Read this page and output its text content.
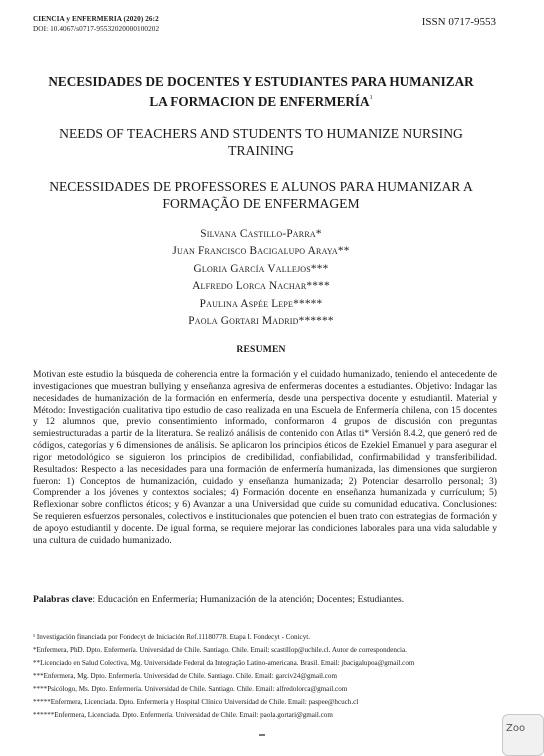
CIENCIA y ENFERMERIA (2020) 26:2
DOI: 10.4067/s0717-95532020000100202
ISSN 0717-9553
NECESIDADES DE DOCENTES Y ESTUDIANTES PARA HUMANIZAR
LA FORMACION DE ENFERMERÍA$^1$
NEEDS OF TEACHERS AND STUDENTS TO HUMANIZE NURSING TRAINING
NECESSIDADES DE PROFESSORES E ALUNOS PARA HUMANIZAR A FORMAÇÃO DE ENFERMAGEM
Silvana Castillo-Parra*
Juan Francisco Bacigalupo Araya**
Gloria García Vallejos***
Alfredo Lorca Nachar****
Paulina Aspée Lepe*****
Paola Gortari Madrid******
RESUMEN

Motivan este estudio la búsqueda de coherencia entre la formación y el cuidado humanizado, teniendo el antecedente de investigaciones que muestran bullying y enseñanza agresiva de enfermeras docentes a estudiantes. Objetivo: Indagar las necesidades de humanización de la formación en enfermería, desde una perspectiva docente y estudiantil. Material y Método: Investigación cualitativa tipo estudio de caso realizada en una Escuela de Enfermería chilena, con 15 docentes y 12 alumnos que, previo consentimiento informado, conformaron 4 grupos de discusión con preguntas semiestructuradas a partir de la literatura. Se realizó análisis de contenido con Atlas ti* Versión 8.4.2, que generó red de códigos, categorías y 6 dimensiones de análisis. Se aplicaron los principios éticos de Ezekiel Emanuel y para asegurar el rigor metodológico se siguieron los principios de credibilidad, confiabilidad, confirmabilidad y transferibilidad. Resultados: Respecto a las necesidades para una formación de enfermería humanizada, las dimensiones que surgieron fueron: 1) Conceptos de humanización, cuidado y enseñanza humanizada; 2) Potenciar desarrollo personal; 3) Comprender a los jóvenes y contextos sociales; 4) Formación docente en enseñanza humanizada y currículum; 5) Reflexionar sobre conflictos éticos; y 6) Avanzar a una Universidad que cuide su comunidad educativa. Conclusiones: Se requieren esfuerzos personales, colectivos e institucionales que potencien el buen trato con estrategias de formación y de apoyo estudiantil y docente. De igual forma, se requiere mejorar las condiciones laborales para una vida saludable y una cultura de cuidado humanizado.

Palabras clave: Educación en Enfermería; Humanización de la atención; Docentes; Estudiantes.
¹ Investigación financiada por Fondecyt de Iniciación Ref.11180778. Etapa I. Fondecyt - Conicyt.
*Enfermera, PhD. Dpto. Enfermería. Universidad de Chile. Santiago. Chile. Email: scastillop@uchile.cl. Autor de correspondencia.
**Licenciado en Salud Colectiva, Mg. Universidade Federal da Integração Latino-americana. Brasil. Email: jbacigalupoa@gmail.com
***Enfermera, Mg. Dpto. Enfermería. Universidad de Chile. Santiago. Chile. Email: garciv24@gmail.com
****Psicólogo, Ms. Dpto. Enfermería. Universidad de Chile. Santiago. Chile. Email: alfredolorca@gmail.com
*****Enfermera, Licenciada. Dpto. Enfermería y Hospital Clínico Universidad de Chile. Email: paspee@hcuch.cl
******Enfermera, Licenciada. Dpto. Enfermería. Universidad de Chile. Email: paola.gortari@gmail.com
Zoo
